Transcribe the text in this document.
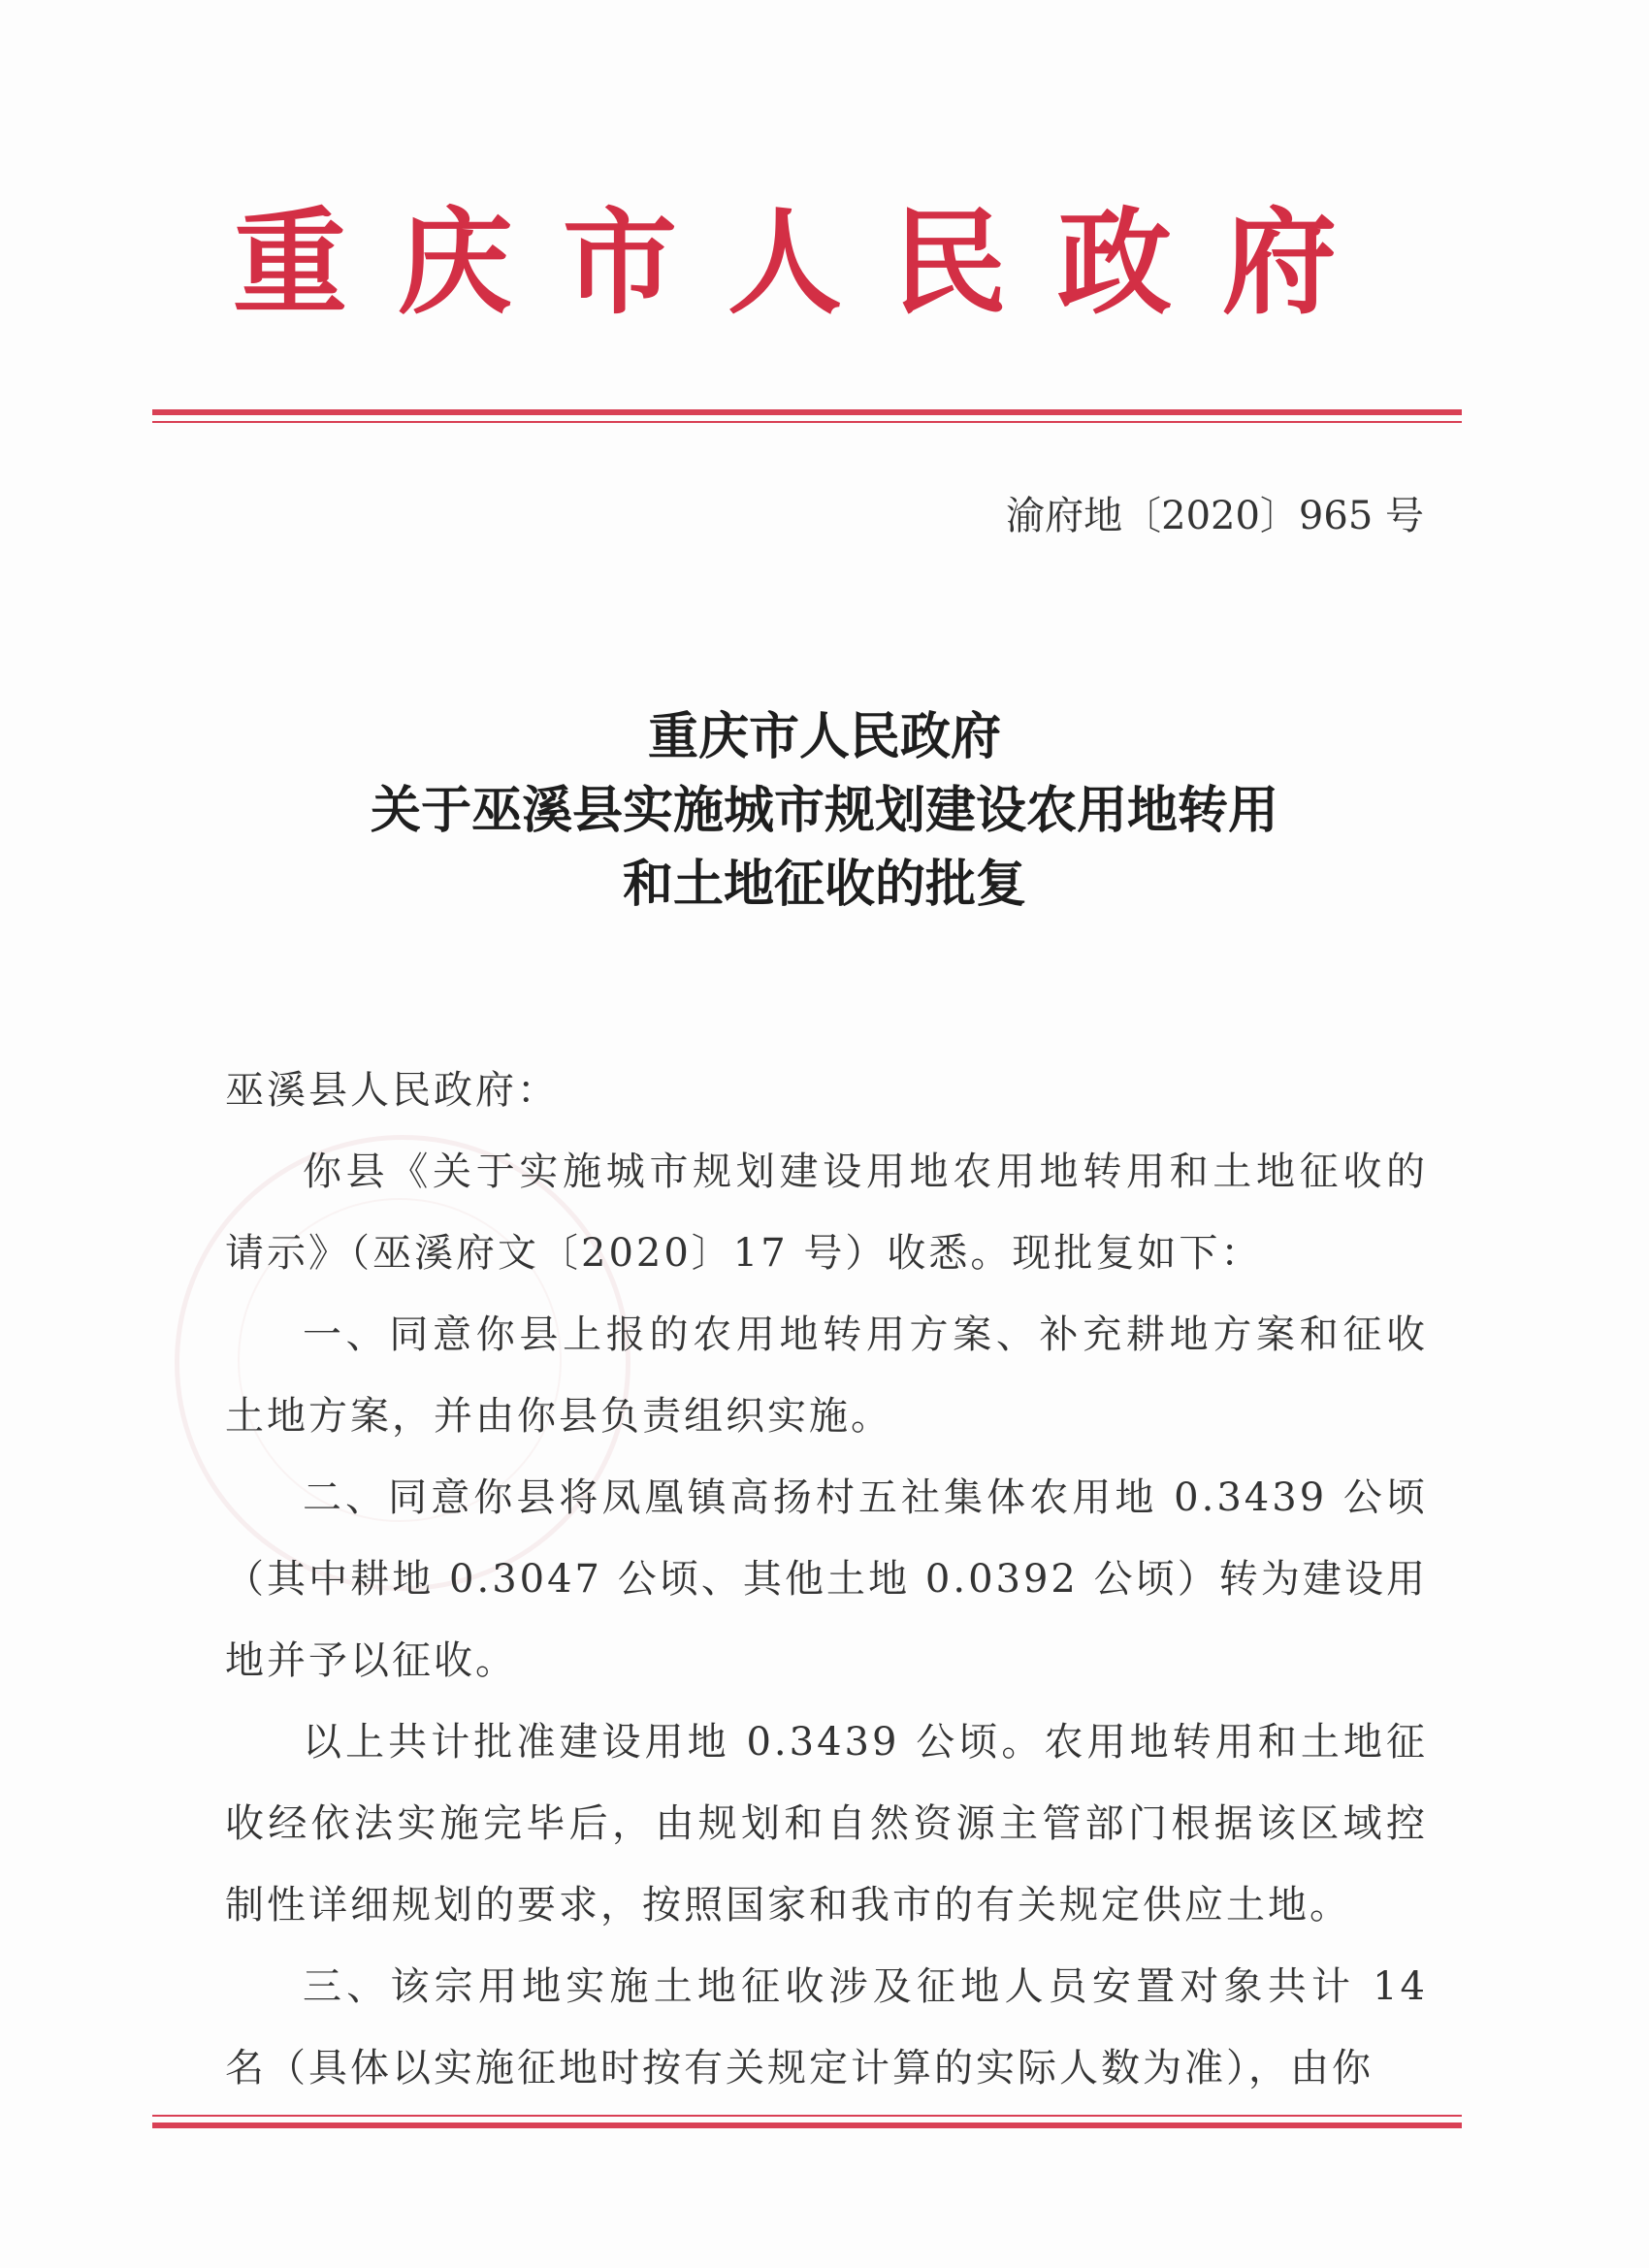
重庆市人民政府
渝府地〔2020〕965 号
重庆市人民政府
关于巫溪县实施城市规划建设农用地转用
和土地征收的批复

巫溪县人民政府：

你县《关于实施城市规划建设用地农用地转用和土地征收的请示》（巫溪府文〔2020〕17 号）收悉。现批复如下：

一、同意你县上报的农用地转用方案、补充耕地方案和征收土地方案，并由你县负责组织实施。

二、同意你县将凤凰镇高扬村五社集体农用地 0.3439 公顷（其中耕地 0.3047 公顷、其他土地 0.0392 公顷）转为建设用地并予以征收。

以上共计批准建设用地 0.3439 公顷。农用地转用和土地征收经依法实施完毕后，由规划和自然资源主管部门根据该区域控制性详细规划的要求，按照国家和我市的有关规定供应土地。

三、该宗用地实施土地征收涉及征地人员安置对象共计 14 名（具体以实施征地时按有关规定计算的实际人数为准），由你
